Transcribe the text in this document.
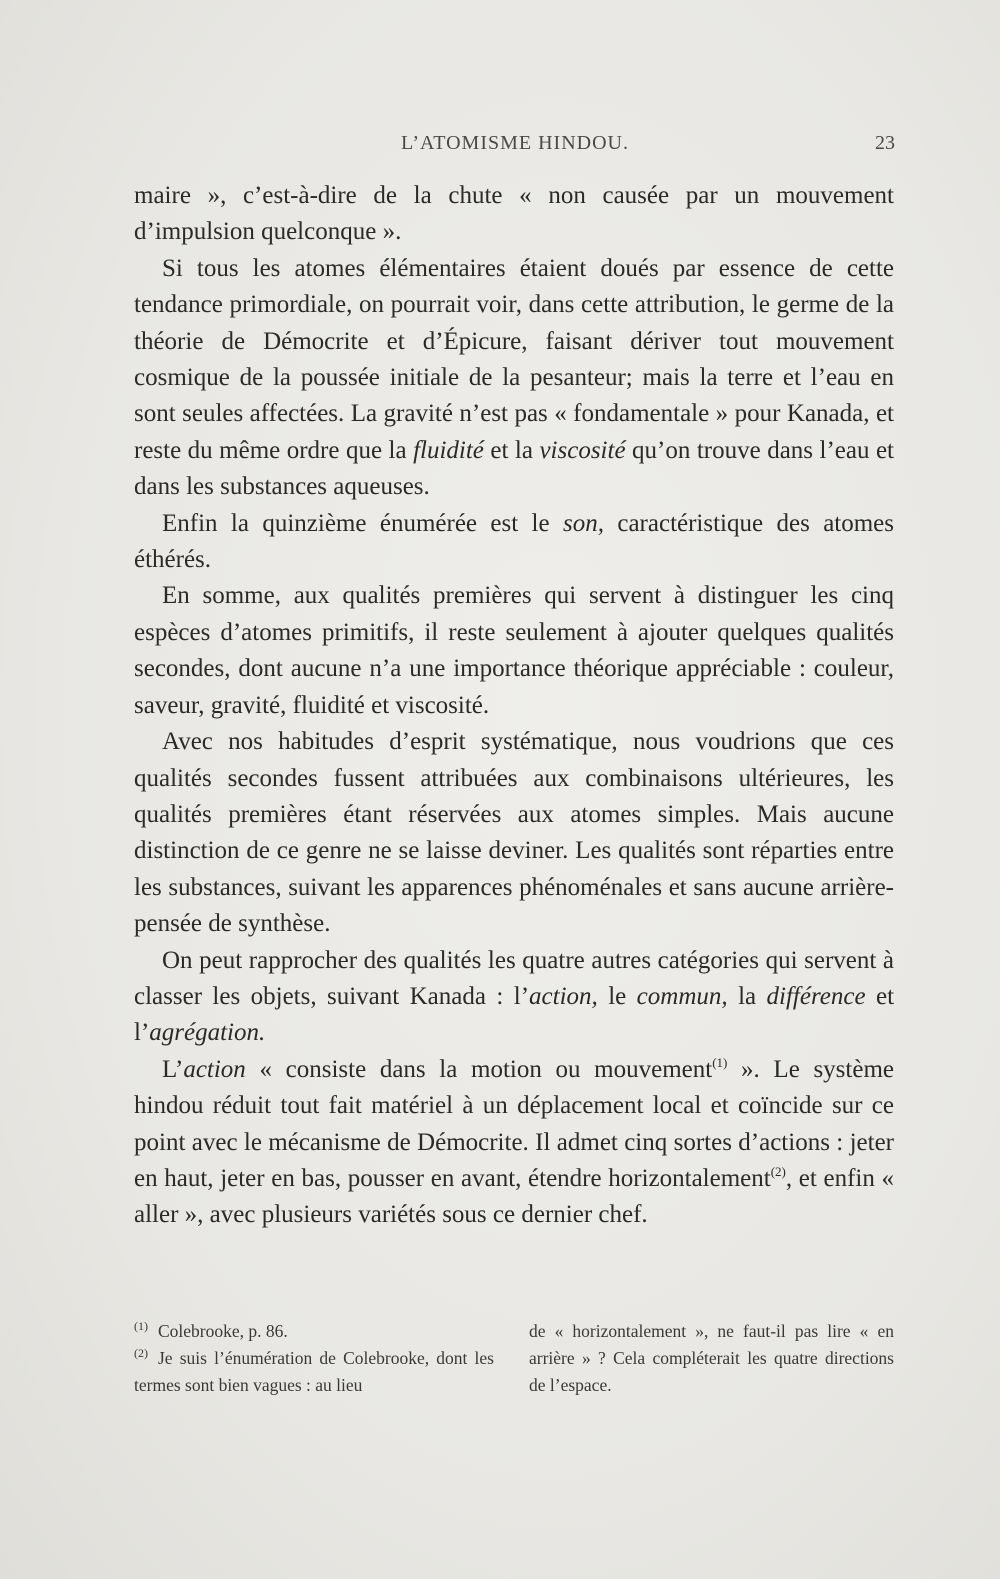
L’ATOMISME HINDOU.	23

maire », c’est-à-dire de la chute « non causée par un mouvement d’impulsion quelconque ».

Si tous les atomes élémentaires étaient doués par essence de cette tendance primordiale, on pourrait voir, dans cette attribution, le germe de la théorie de Démocrite et d’Épicure, faisant dériver tout mouvement cosmique de la poussée initiale de la pesanteur; mais la terre et l’eau en sont seules affectées. La gravité n’est pas « fondamentale » pour Kanada, et reste du même ordre que la fluidité et la viscosité qu’on trouve dans l’eau et dans les substances aqueuses.

Enfin la quinzième énumérée est le son, caractéristique des atomes éthérés.

En somme, aux qualités premières qui servent à distinguer les cinq espèces d’atomes primitifs, il reste seulement à ajouter quelques qualités secondes, dont aucune n’a une importance théorique appréciable : couleur, saveur, gravité, fluidité et viscosité.

Avec nos habitudes d’esprit systématique, nous voudrions que ces qualités secondes fussent attribuées aux combinaisons ultérieures, les qualités premières étant réservées aux atomes simples. Mais aucune distinction de ce genre ne se laisse deviner. Les qualités sont réparties entre les substances, suivant les apparences phénoménales et sans aucune arrière-pensée de synthèse.

On peut rapprocher des qualités les quatre autres catégories qui servent à classer les objets, suivant Kanada : l’action, le commun, la différence et l’agrégation.

L’action « consiste dans la motion ou mouvement$^{(1)}$ ». Le système hindou réduit tout fait matériel à un déplacement local et coïncide sur ce point avec le mécanisme de Démocrite. Il admet cinq sortes d’actions : jeter en haut, jeter en bas, pousser en avant, étendre horizontalement$^{(2)}$, et enfin « aller », avec plusieurs variétés sous ce dernier chef.

$^{(1)}$ Colebrooke, p. 86.

$^{(2)}$ Je suis l’énumération de Colebrooke, dont les termes sont bien vagues : au lieu

de « horizontalement », ne faut-il pas lire « en arrière » ? Cela compléterait les quatre directions de l’espace.
